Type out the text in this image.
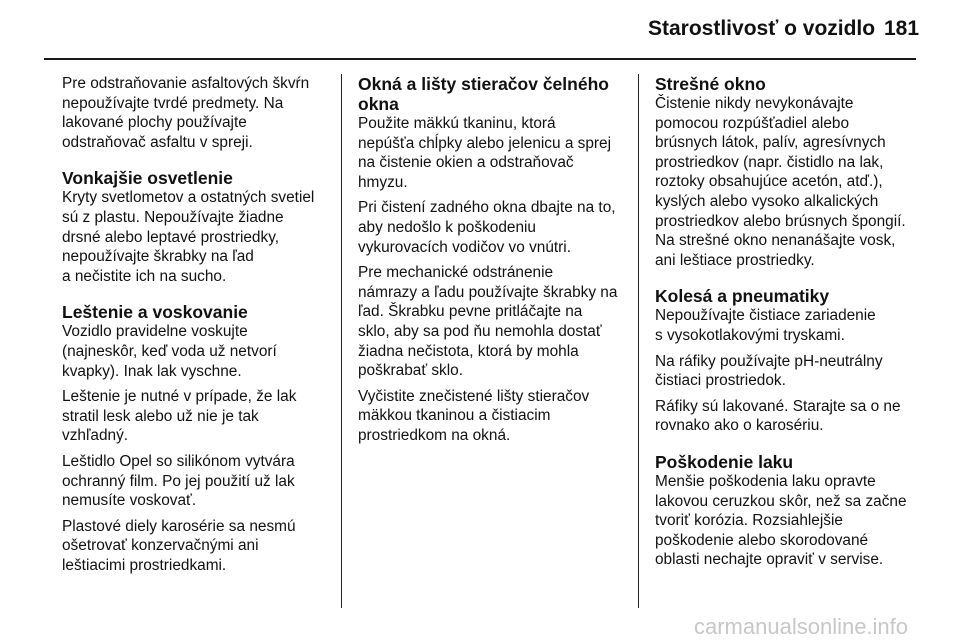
Starostlivosť o vozidlo 181

Pre odstraňovanie asfaltových škvŕn
nepoužívajte tvrdé predmety. Na
lakované plochy používajte
odstraňovač asfaltu v spreji.

Vonkajšie osvetlenie

Kryty svetlometov a ostatných svetiel
sú z plastu. Nepoužívajte žiadne
drsné alebo leptavé prostriedky,
nepoužívajte škrabky na ľad
a nečistite ich na sucho.

Leštenie a voskovanie

Vozidlo pravidelne voskujte
(najneskôr, keď voda už netvorí
kvapky). Inak lak vyschne.

Leštenie je nutné v prípade, že lak
stratil lesk alebo už nie je tak
vzhľadný.

Leštidlo Opel so silikónom vytvára
ochranný film. Po jej použití už lak
nemusíte voskovať.

Plastové diely karosérie sa nesmú
ošetrovať konzervačnými ani
leštiacimi prostriedkami.

Okná a lišty stieračov čelného
okna

Použite mäkkú tkaninu, ktorá
nepúšťa chĺpky alebo jelenicu a sprej
na čistenie okien a odstraňovač
hmyzu.

Pri čistení zadného okna dbajte na to,
aby nedošlo k poškodeniu
vykurovacích vodičov vo vnútri.

Pre mechanické odstránenie
námrazy a ľadu používajte škrabky na
ľad. Škrabku pevne pritláčajte na
sklo, aby sa pod ňu nemohla dostať
žiadna nečistota, ktorá by mohla
poškrabať sklo.

Vyčistite znečistené lišty stieračov
mäkkou tkaninou a čistiacim
prostriedkom na okná.

Strešné okno

Čistenie nikdy nevykonávajte
pomocou rozpúšťadiel alebo
brúsnych látok, palív, agresívnych
prostriedkov (napr. čistidlo na lak,
roztoky obsahujúce acetón, atď.),
kyslých alebo vysoko alkalických
prostriedkov alebo brúsnych špongií.
Na strešné okno nenanášajte vosk,
ani leštiace prostriedky.

Kolesá a pneumatiky

Nepoužívajte čistiace zariadenie
s vysokotlakovými tryskami.

Na ráfiky používajte pH-neutrálny
čistiaci prostriedok.

Ráfiky sú lakované. Starajte sa o ne
rovnako ako o karosériu.

Poškodenie laku

Menšie poškodenia laku opravte
lakovou ceruzkou skôr, než sa začne
tvoriť korózia. Rozsiahlejšie
poškodenie alebo skorodované
oblasti nechajte opraviť v servise.

carmanualsonline.info
